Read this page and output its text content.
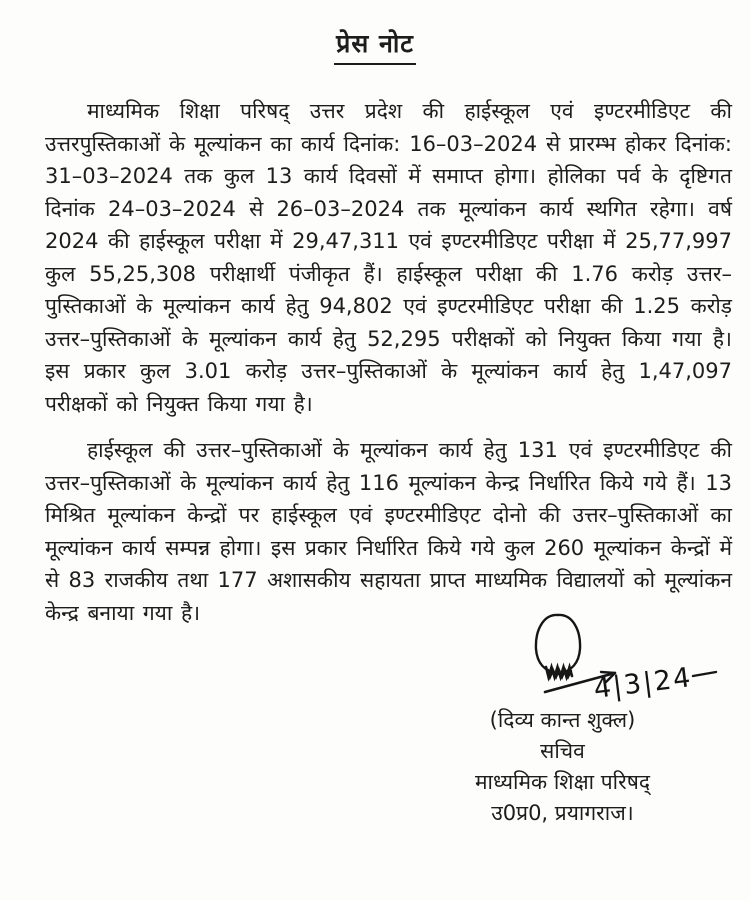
प्रेस नोट

माध्यमिक शिक्षा परिषद् उत्तर प्रदेश की हाईस्कूल एवं इण्टरमीडिएट की उत्तरपुस्तिकाओं के मूल्यांकन का कार्य दिनांक: 16–03–2024 से प्रारम्भ होकर दिनांक: 31–03–2024 तक कुल 13 कार्य दिवसों में समाप्त होगा। होलिका पर्व के दृष्टिगत दिनांक 24–03–2024 से 26–03–2024 तक मूल्यांकन कार्य स्थगित रहेगा। वर्ष 2024 की हाईस्कूल परीक्षा में 29,47,311 एवं इण्टरमीडिएट परीक्षा में 25,77,997 कुल 55,25,308 परीक्षार्थी पंजीकृत हैं। हाईस्कूल परीक्षा की 1.76 करोड़ उत्तर–पुस्तिकाओं के मूल्यांकन कार्य हेतु 94,802 एवं इण्टरमीडिएट परीक्षा की 1.25 करोड़ उत्तर–पुस्तिकाओं के मूल्यांकन कार्य हेतु 52,295 परीक्षकों को नियुक्त किया गया है। इस प्रकार कुल 3.01 करोड़ उत्तर–पुस्तिकाओं के मूल्यांकन कार्य हेतु 1,47,097 परीक्षकों को नियुक्त किया गया है।

हाईस्कूल की उत्तर–पुस्तिकाओं के मूल्यांकन कार्य हेतु 131 एवं इण्टरमीडिएट की उत्तर–पुस्तिकाओं के मूल्यांकन कार्य हेतु 116 मूल्यांकन केन्द्र निर्धारित किये गये हैं। 13 मिश्रित मूल्यांकन केन्द्रों पर हाईस्कूल एवं इण्टरमीडिएट दोनो की उत्तर–पुस्तिकाओं का मूल्यांकन कार्य सम्पन्न होगा। इस प्रकार निर्धारित किये गये कुल 260 मूल्यांकन केन्द्रों में से 83 राजकीय तथा 177 अशासकीय सहायता प्राप्त माध्यमिक विद्यालयों को मूल्यांकन केन्द्र बनाया गया है।

4|3|24
(दिव्य कान्त शुक्ल)
सचिव
माध्यमिक शिक्षा परिषद्
उ0प्र0, प्रयागराज।
